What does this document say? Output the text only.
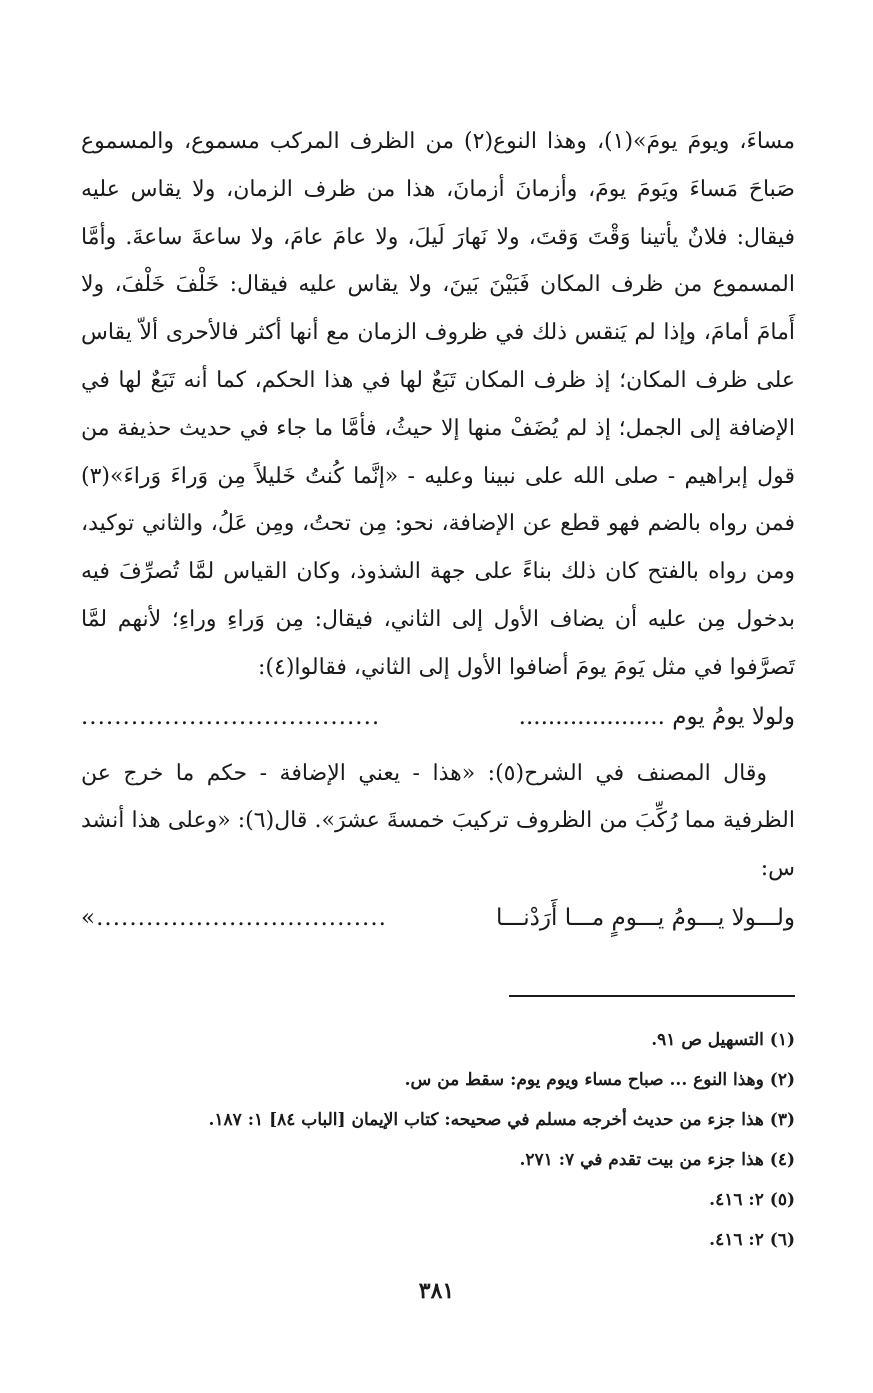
مساءَ، ويومَ يومَ»(١)، وهذا النوع(٢) من الظرف المركب مسموع، والمسموع صَباحَ مَساءَ ويَومَ يومَ، وأزمانَ أزمانَ، هذا من ظرف الزمان، ولا يقاس عليه فيقال: فلانٌ يأتينا وَقْتَ وَقتَ، ولا نَهارَ لَيلَ، ولا عامَ عامَ، ولا ساعةَ ساعةَ. وأمَّا المسموع من ظرف المكان فَبَيْنَ بَينَ، ولا يقاس عليه فيقال: خَلْفَ خَلْفَ، ولا أَمامَ أمامَ، وإذا لم يَنقس ذلك في ظروف الزمان مع أنها أكثر فالأحرى ألاّ يقاس على ظرف المكان؛ إذ ظرف المكان تَبَعٌ لها في هذا الحكم، كما أنه تَبَعٌ لها في الإضافة إلى الجمل؛ إذ لم يُضَفْ منها إلا حيثُ، فأمَّا ما جاء في حديث حذيفة من قول إبراهيم - صلى الله على نبينا وعليه - «إنَّما كُنتُ خَليلاً مِن وَراءَ وَراءَ»(٣) فمن رواه بالضم فهو قطع عن الإضافة، نحو: مِن تحتُ، ومِن عَلُ، والثاني توكيد، ومن رواه بالفتح كان ذلك بناءً على جهة الشذوذ، وكان القياس لمَّا تُصرِّفَ فيه بدخول مِن عليه أن يضاف الأول إلى الثاني، فيقال: مِن وَراءِ وراءِ؛ لأنهم لمَّا تَصرَّفوا في مثل يَومَ يومَ أضافوا الأول إلى الثاني، فقالوا(٤):

ولولا يومُ يوم ....................
....................................

وقال المصنف في الشرح(٥): «هذا - يعني الإضافة - حكم ما خرج عن الظرفية مما رُكِّبَ من الظروف تركيبَ خمسةَ عشرَ». قال(٦): «وعلى هذا أنشد س:

ولـــولا يـــومُ يـــومٍ مـــا أَرَدْنـــا
...................................»
(١) التسهيل ص ٩١.
(٢) وهذا النوع ... صباح مساء ويوم يوم: سقط من س.
(٣) هذا جزء من حديث أخرجه مسلم في صحيحه: كتاب الإيمان [الباب ٨٤] ١: ١٨٧.
(٤) هذا جزء من بيت تقدم في ٧: ٢٧١.
(٥) ٢: ٤١٦.
(٦) ٢: ٤١٦.
٣٨١
